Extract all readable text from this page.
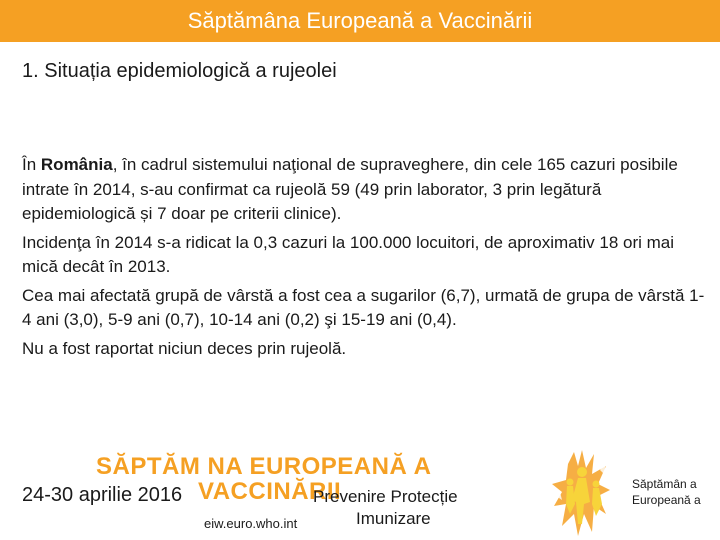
Săptămâna Europeană a Vaccinării
1. Situația epidemiologică a rujeolei

În România, în cadrul sistemului naţional de supraveghere, din cele 165 cazuri posibile intrate în 2014, s-au confirmat ca rujeolă 59 (49 prin laborator, 3 prin legătură epidemiologică și 7 doar pe criterii clinice).

Incidenţa în 2014 s-a ridicat la 0,3 cazuri la 100.000 locuitori, de aproximativ 18 ori mai mică decât în 2013.

Cea mai afectată grupă de vârstă a fost cea a sugarilor (6,7), urmată de grupa de vârstă 1-4 ani (3,0), 5-9 ani (0,7), 10-14 ani (0,2) şi 15-19 ani (0,4).

Nu a fost raportat niciun deces prin rujeolă.

SĂPTĂM NA EUROPEANĂ A
24-30 aprilie 2016 VACCINĂRII
Prevenire Protecție
Imunizare
eiw.euro.who.int
Săptămân a Europeană a
